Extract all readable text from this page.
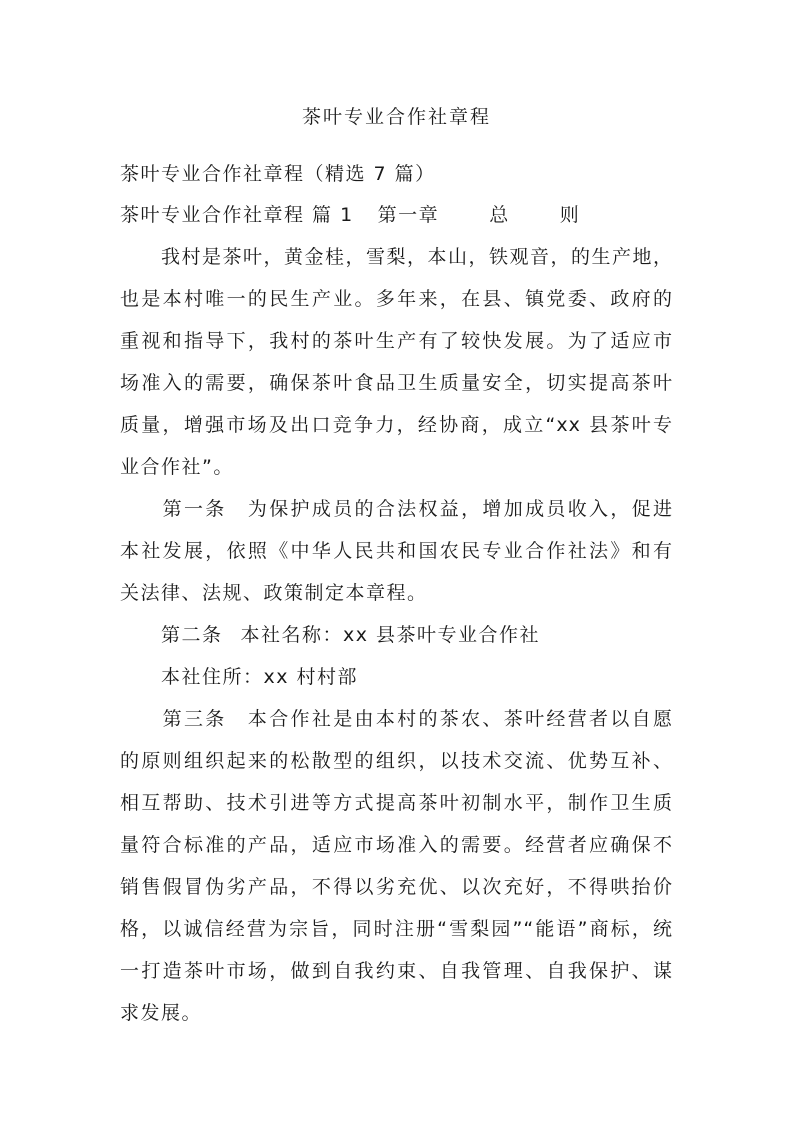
茶叶专业合作社章程
茶叶专业合作社章程（精选 7 篇）
茶叶专业合作社章程 篇 1 第一章	总	则
　　我村是茶叶，黄金桂，雪梨，本山，铁观音，的生产地，
也是本村唯一的民生产业。多年来，在县、镇党委、政府的
重视和指导下，我村的茶叶生产有了较快发展。为了适应市
场准入的需要，确保茶叶食品卫生质量安全，切实提高茶叶
质量，增强市场及出口竞争力，经协商，成立“xx 县茶叶专
业合作社”。
　　第一条　为保护成员的合法权益，增加成员收入，促进
本社发展，依照《中华人民共和国农民专业合作社法》和有
关法律、法规、政策制定本章程。
　　第二条 本社名称：xx 县茶叶专业合作社
　　本社住所：xx 村村部
　　第三条　本合作社是由本村的茶农、茶叶经营者以自愿
的原则组织起来的松散型的组织，以技术交流、优势互补、
相互帮助、技术引进等方式提高茶叶初制水平，制作卫生质
量符合标准的产品，适应市场准入的需要。经营者应确保不
销售假冒伪劣产品，不得以劣充优、以次充好，不得哄抬价
格，以诚信经营为宗旨，同时注册“雪梨园”“能语”商标，统
一打造茶叶市场，做到自我约束、自我管理、自我保护、谋
求发展。
